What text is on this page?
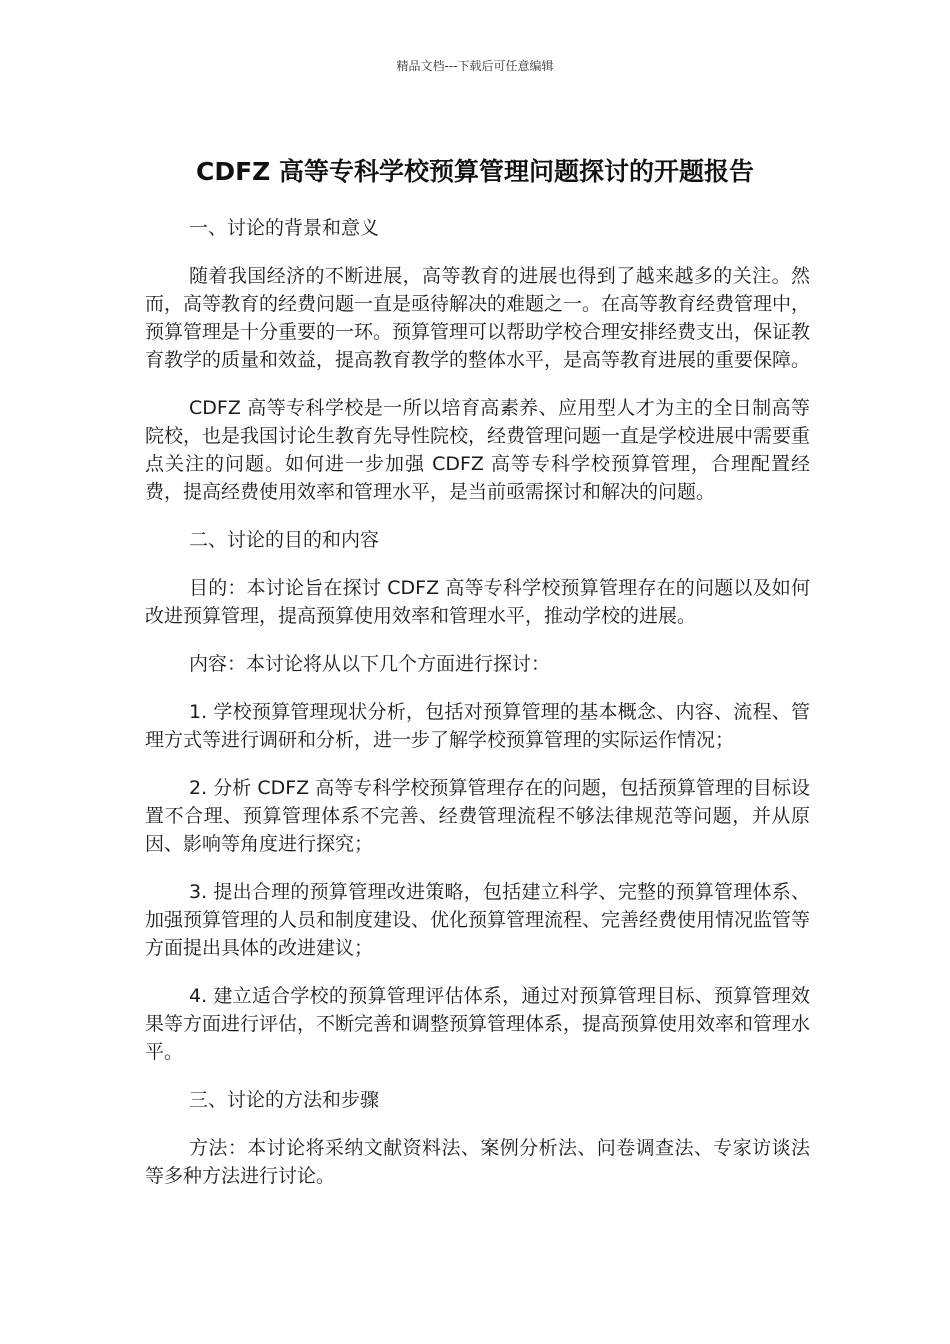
精品文档---下载后可任意编辑
CDFZ 高等专科学校预算管理问题探讨的开题报告

一、讨论的背景和意义

随着我国经济的不断进展，高等教育的进展也得到了越来越多的关注。然而，高等教育的经费问题一直是亟待解决的难题之一。在高等教育经费管理中，预算管理是十分重要的一环。预算管理可以帮助学校合理安排经费支出，保证教育教学的质量和效益，提高教育教学的整体水平，是高等教育进展的重要保障。

CDFZ 高等专科学校是一所以培育高素养、应用型人才为主的全日制高等院校，也是我国讨论生教育先导性院校，经费管理问题一直是学校进展中需要重点关注的问题。如何进一步加强 CDFZ 高等专科学校预算管理，合理配置经费，提高经费使用效率和管理水平，是当前亟需探讨和解决的问题。

二、讨论的目的和内容

目的：本讨论旨在探讨 CDFZ 高等专科学校预算管理存在的问题以及如何改进预算管理，提高预算使用效率和管理水平，推动学校的进展。

内容：本讨论将从以下几个方面进行探讨：

1. 学校预算管理现状分析，包括对预算管理的基本概念、内容、流程、管理方式等进行调研和分析，进一步了解学校预算管理的实际运作情况；

2. 分析 CDFZ 高等专科学校预算管理存在的问题，包括预算管理的目标设置不合理、预算管理体系不完善、经费管理流程不够法律规范等问题，并从原因、影响等角度进行探究；

3. 提出合理的预算管理改进策略，包括建立科学、完整的预算管理体系、加强预算管理的人员和制度建设、优化预算管理流程、完善经费使用情况监管等方面提出具体的改进建议；

4. 建立适合学校的预算管理评估体系，通过对预算管理目标、预算管理效果等方面进行评估，不断完善和调整预算管理体系，提高预算使用效率和管理水平。

三、讨论的方法和步骤

方法：本讨论将采纳文献资料法、案例分析法、问卷调查法、专家访谈法等多种方法进行讨论。
